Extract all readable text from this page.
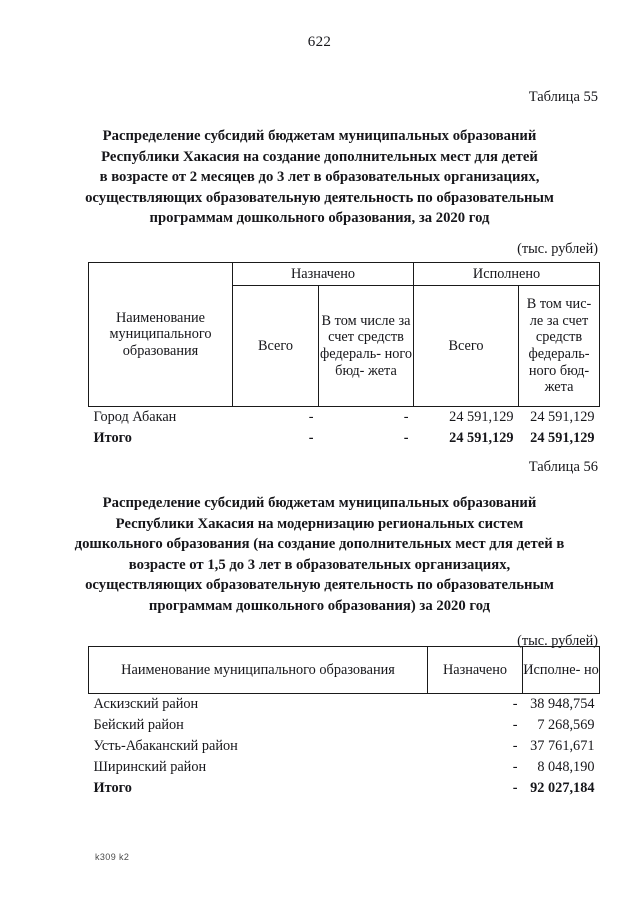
622
Таблица 55
Распределение субсидий бюджетам муниципальных образований
Республики Хакасия на создание дополнительных мест для детей
в возрасте от 2 месяцев до 3 лет в образовательных организациях,
осуществляющих образовательную деятельность по образовательным
программам дошкольного образования, за 2020 год
(тыс. рублей)
Наименование муниципального образования	Назначено		Исполнено	
	Всего	В том числе за счет средств федераль- ного бюд- жета	Всего	В том чис- ле за счет средств федераль- ного бюд- жета
Город Абакан	-	-	24 591,129	24 591,129
Итого	-	-	24 591,129	24 591,129
Таблица 56
Распределение субсидий бюджетам муниципальных образований
Республики Хакасия на модернизацию региональных систем
дошкольного образования (на создание дополнительных мест для детей в
возрасте от 1,5 до 3 лет в образовательных организациях,
осуществляющих образовательную деятельность по образовательным
программам дошкольного образования) за 2020 год
(тыс. рублей)
Наименование муниципального образования	Назначено	Исполне- но
Аскизский район	-	38 948,754
Бейский район	-	7 268,569
Усть-Абаканский район	-	37 761,671
Ширинский район	-	8 048,190
Итого	-	92 027,184
k309 k2
